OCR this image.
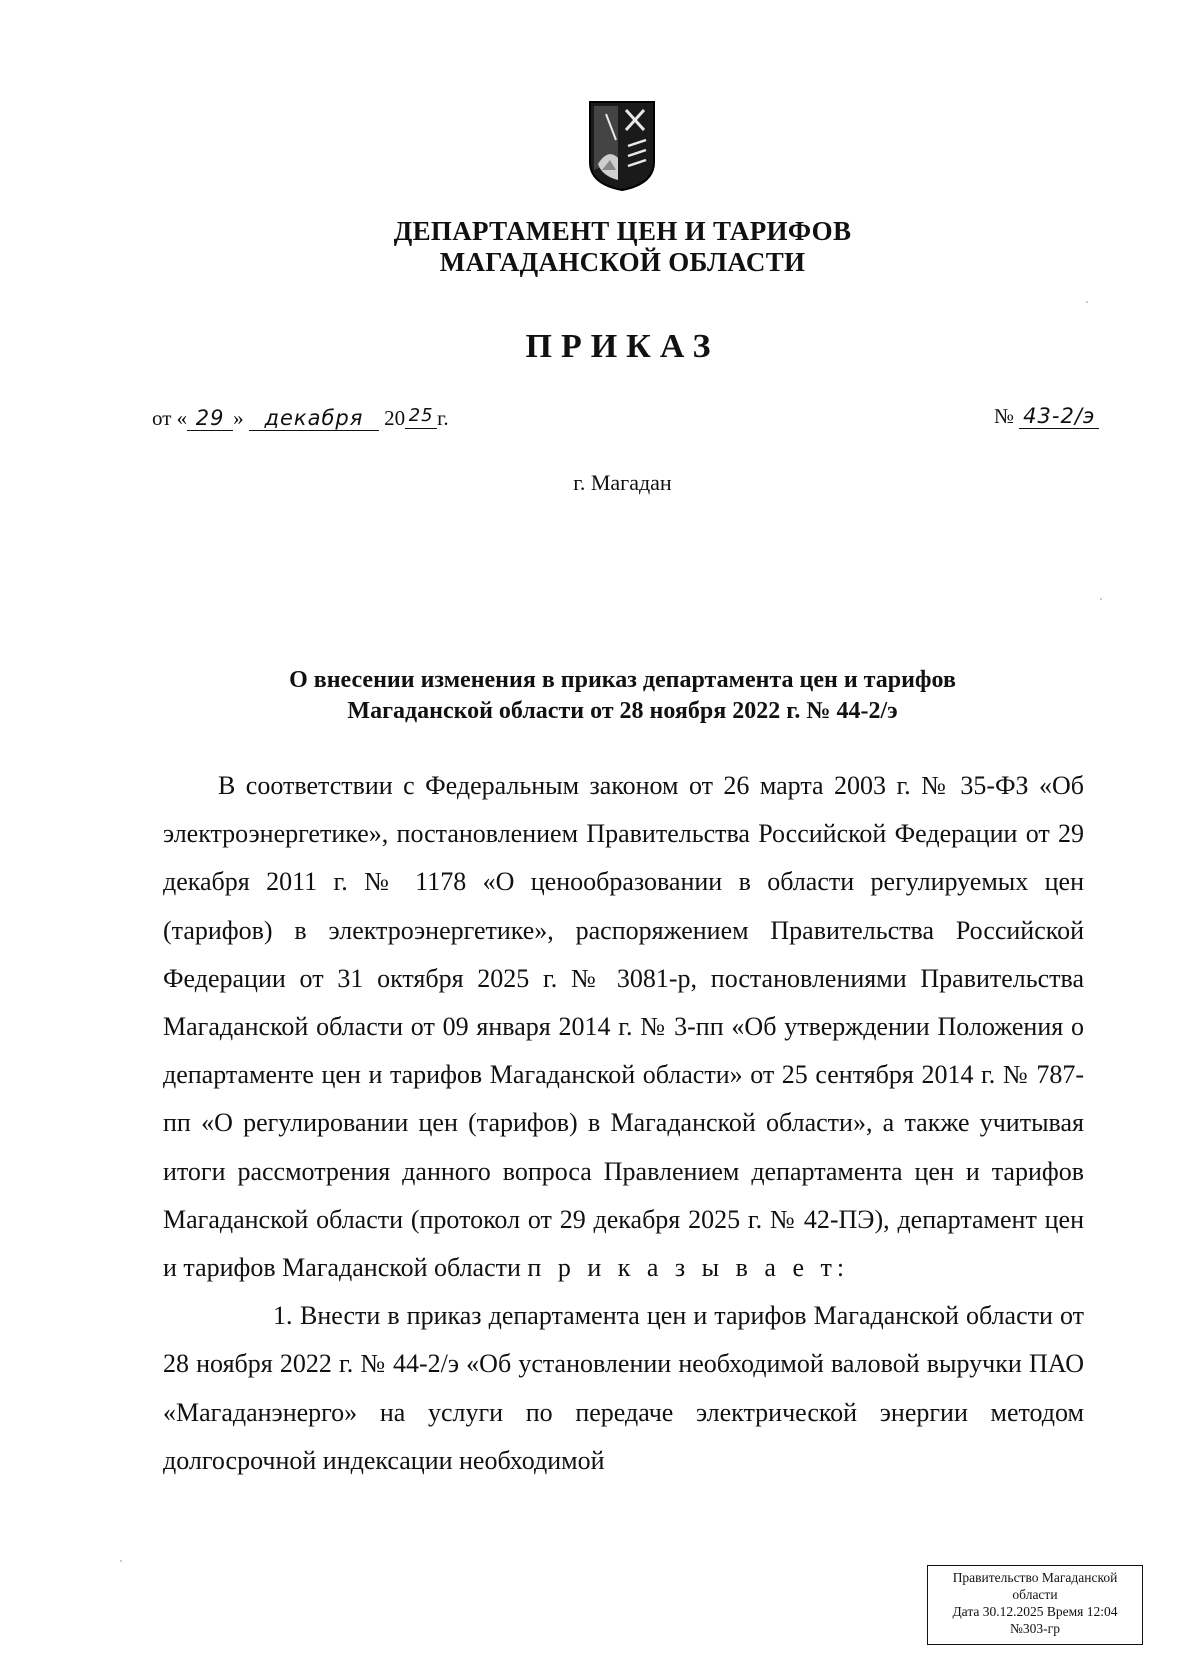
ДЕПАРТАМЕНТ ЦЕН И ТАРИФОВ
МАГАДАНСКОЙ ОБЛАСТИ
ПРИКАЗ
от « 29 » декабря 20 25 г.	№ 43-2/э
г. Магадан
О внесении изменения в приказ департамента цен и тарифов
Магаданской области от 28 ноября 2022 г. № 44-2/э

В соответствии с Федеральным законом от 26 марта 2003 г. № 35-ФЗ «Об электроэнергетике», постановлением Правительства Российской Федерации от 29 декабря 2011 г. № 1178 «О ценообразовании в области регулируемых цен (тарифов) в электроэнергетике», распоряжением Правительства Российской Федерации от 31 октября 2025 г. № 3081-р, постановлениями Правительства Магаданской области от 09 января 2014 г. № 3-пп «Об утверждении Положения о департаменте цен и тарифов Магаданской области» от 25 сентября 2014 г. № 787-пп «О регулировании цен (тарифов) в Магаданской области», а также учитывая итоги рассмотрения данного вопроса Правлением департамента цен и тарифов Магаданской области (протокол от 29 декабря 2025 г. № 42-ПЭ), департамент цен и тарифов Магаданской области п р и к а з ы в а е т:

1. Внести в приказ департамента цен и тарифов Магаданской области от 28 ноября 2022 г. № 44-2/э «Об установлении необходимой валовой выручки ПАО «Магаданэнерго» на услуги по передаче электрической энергии методом долгосрочной индексации необходимой

Правительство Магаданской
области
Дата 30.12.2025 Время 12:04
№303-гр
